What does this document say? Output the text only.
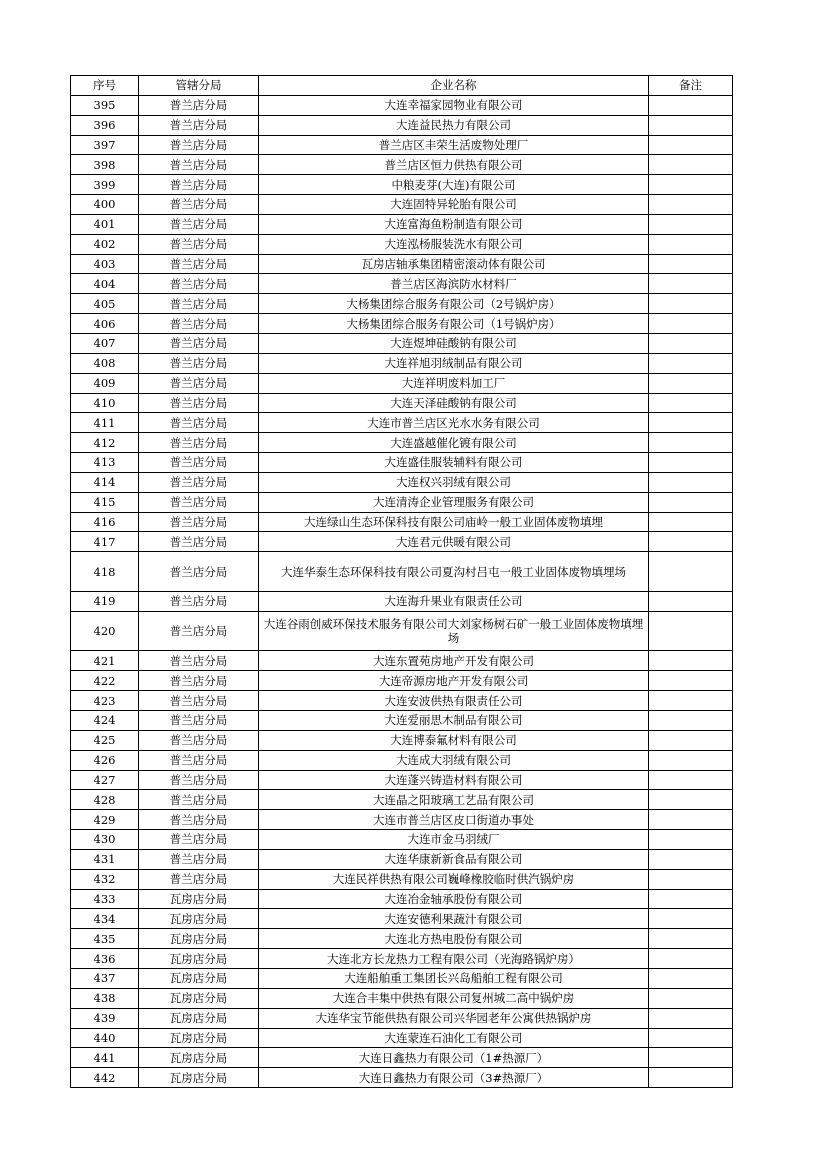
序号	管辖分局	企业名称	备注
395	普兰店分局	大连幸福家园物业有限公司	
396	普兰店分局	大连益民热力有限公司	
397	普兰店分局	普兰店区丰荣生活废物处理厂	
398	普兰店分局	普兰店区恒力供热有限公司	
399	普兰店分局	中粮麦芽(大连)有限公司	
400	普兰店分局	大连固特异轮胎有限公司	
401	普兰店分局	大连富海鱼粉制造有限公司	
402	普兰店分局	大连泓杨服装洗水有限公司	
403	普兰店分局	瓦房店轴承集团精密滚动体有限公司	
404	普兰店分局	普兰店区海滨防水材料厂	
405	普兰店分局	大杨集团综合服务有限公司（2号锅炉房）	
406	普兰店分局	大杨集团综合服务有限公司（1号锅炉房）	
407	普兰店分局	大连煜坤硅酸钠有限公司	
408	普兰店分局	大连祥旭羽绒制品有限公司	
409	普兰店分局	大连祥明废料加工厂	
410	普兰店分局	大连天泽硅酸钠有限公司	
411	普兰店分局	大连市普兰店区光水水务有限公司	
412	普兰店分局	大连盛越催化镀有限公司	
413	普兰店分局	大连盛佳服装辅料有限公司	
414	普兰店分局	大连权兴羽绒有限公司	
415	普兰店分局	大连清涛企业管理服务有限公司	
416	普兰店分局	大连绿山生态环保科技有限公司庙岭一般工业固体废物填埋	
417	普兰店分局	大连君元供暖有限公司	
418	普兰店分局	大连华泰生态环保科技有限公司夏沟村吕屯一般工业固体废物填埋场	
419	普兰店分局	大连海升果业有限责任公司	
420	普兰店分局	大连谷雨创威环保技术服务有限公司大刘家杨树石矿一般工业固体废物填埋场	
421	普兰店分局	大连东置苑房地产开发有限公司	
422	普兰店分局	大连帝源房地产开发有限公司	
423	普兰店分局	大连安波供热有限责任公司	
424	普兰店分局	大连爱丽思木制品有限公司	
425	普兰店分局	大连博泰氟材料有限公司	
426	普兰店分局	大连成大羽绒有限公司	
427	普兰店分局	大连蓬兴铸造材料有限公司	
428	普兰店分局	大连晶之阳玻璃工艺品有限公司	
429	普兰店分局	大连市普兰店区皮口街道办事处	
430	普兰店分局	大连市金马羽绒厂	
431	普兰店分局	大连华康新新食品有限公司	
432	普兰店分局	大连民祥供热有限公司巍峰橡胶临时供汽锅炉房	
433	瓦房店分局	大连冶金轴承股份有限公司	
434	瓦房店分局	大连安德利果蔬汁有限公司	
435	瓦房店分局	大连北方热电股份有限公司	
436	瓦房店分局	大连北方长龙热力工程有限公司（光海路锅炉房）	
437	瓦房店分局	大连船舶重工集团长兴岛船舶工程有限公司	
438	瓦房店分局	大连合丰集中供热有限公司复州城二高中锅炉房	
439	瓦房店分局	大连华宝节能供热有限公司兴华园老年公寓供热锅炉房	
440	瓦房店分局	大连蒙连石油化工有限公司	
441	瓦房店分局	大连日鑫热力有限公司（1#热源厂）	
442	瓦房店分局	大连日鑫热力有限公司（3#热源厂）	
